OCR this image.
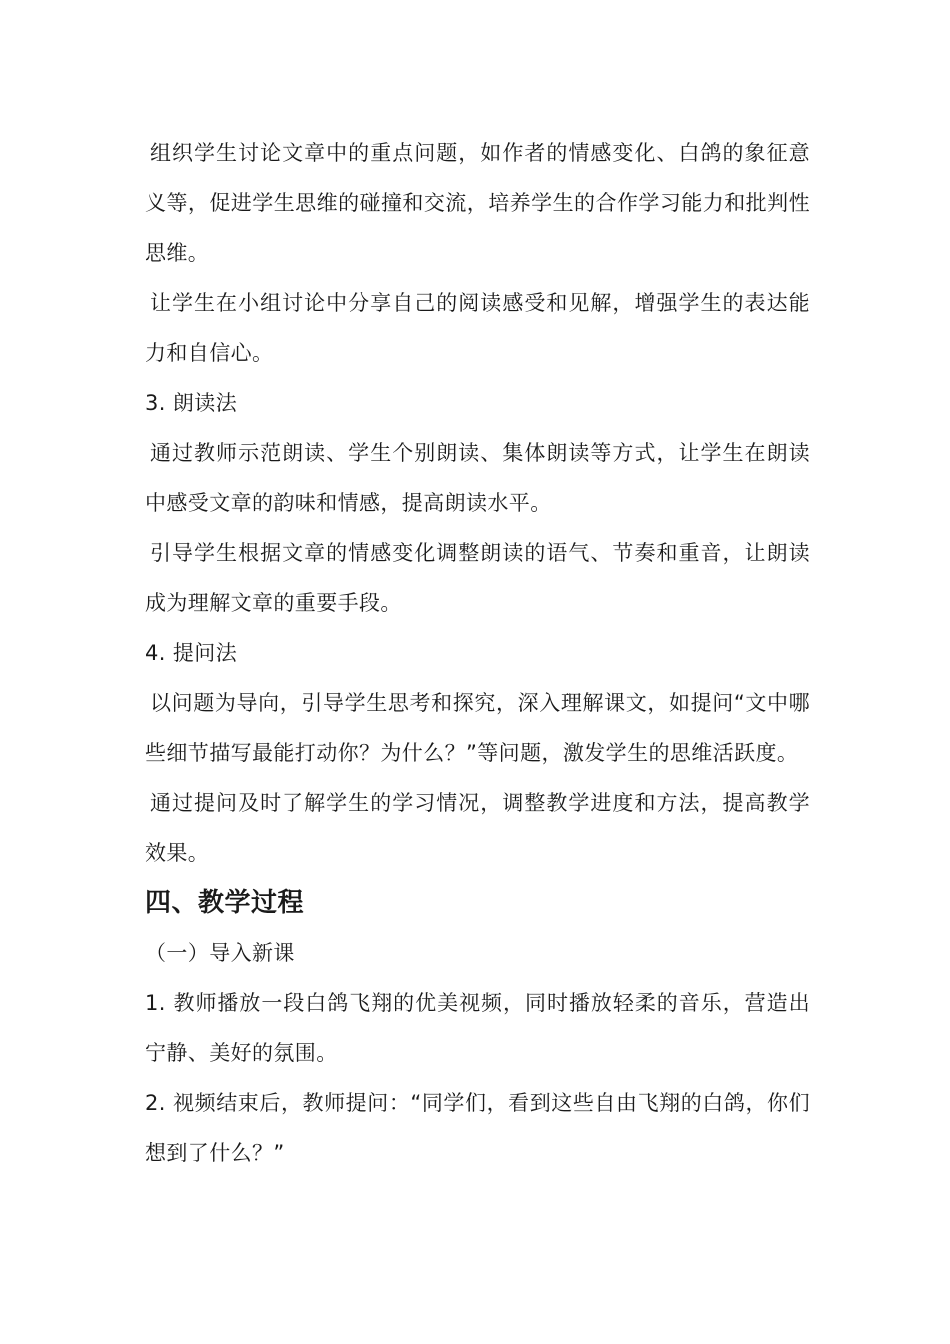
组织学生讨论文章中的重点问题，如作者的情感变化、白鸽的象征意义等，促进学生思维的碰撞和交流，培养学生的合作学习能力和批判性思维。

让学生在小组讨论中分享自己的阅读感受和见解，增强学生的表达能力和自信心。

3. 朗读法

通过教师示范朗读、学生个别朗读、集体朗读等方式，让学生在朗读中感受文章的韵味和情感，提高朗读水平。

引导学生根据文章的情感变化调整朗读的语气、节奏和重音，让朗读成为理解文章的重要手段。

4. 提问法

以问题为导向，引导学生思考和探究，深入理解课文，如提问“文中哪些细节描写最能打动你？为什么？”等问题，激发学生的思维活跃度。

通过提问及时了解学生的学习情况，调整教学进度和方法，提高教学效果。

四、教学过程

（一）导入新课

1. 教师播放一段白鸽飞翔的优美视频，同时播放轻柔的音乐，营造出宁静、美好的氛围。

2. 视频结束后，教师提问：“同学们，看到这些自由飞翔的白鸽，你们想到了什么？”
